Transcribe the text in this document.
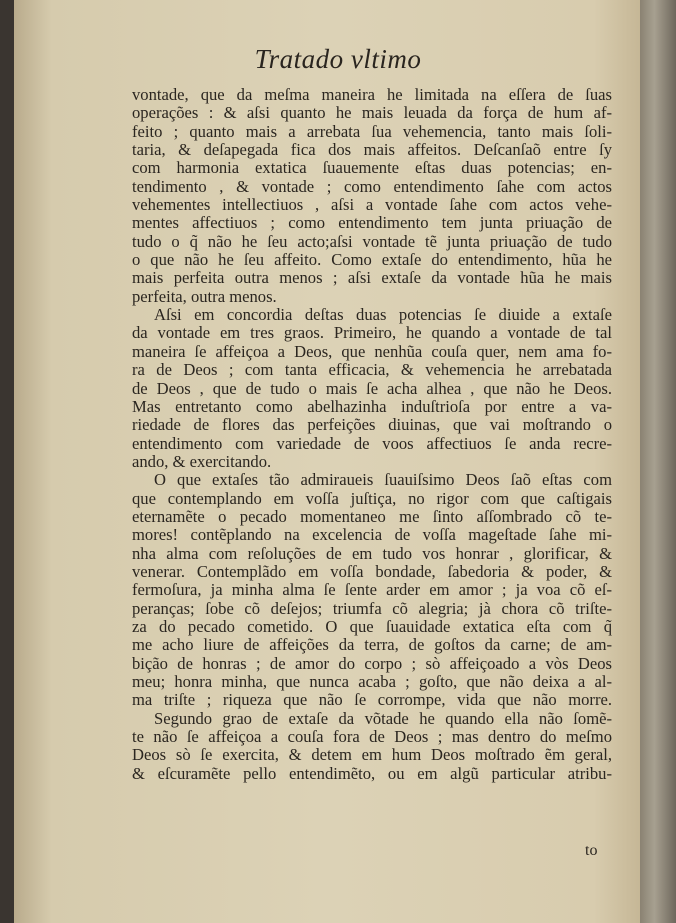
Tratado vltimo
vontade, que da meſma maneira he limitada na eſſera de ſuas
operações : & aſsi quanto he mais leuada da força de hum af-
feito ; quanto mais a arrebata ſua vehemencia, tanto mais ſoli-
taria, & deſapegada fica dos mais affeitos. Deſcanſaõ entre ſy
com harmonia extatica ſuauemente eſtas duas potencias; en-
tendimento , & vontade ; como entendimento ſahe com actos
vehementes intellectiuos , aſsi a vontade ſahe com actos vehe-
mentes affectiuos ; como entendimento tem junta priuação de
tudo o q̃ não he ſeu acto;aſsi vontade tẽ junta priuação de tudo
o que não he ſeu affeito. Como extaſe do entendimento, hũa he
mais perfeita outra menos ; aſsi extaſe da vontade hũa he mais
perfeita, outra menos.
Aſsi em concordia deſtas duas potencias ſe diuide a extaſe
da vontade em tres graos. Primeiro, he quando a vontade de tal
maneira ſe affeiçoa a Deos, que nenhũa couſa quer, nem ama fo-
ra de Deos ; com tanta efficacia, & vehemencia he arrebatada
de Deos , que de tudo o mais ſe acha alhea , que não he Deos.
Mas entretanto como abelhazinha induſtrioſa por entre a va-
riedade de flores das perfeições diuinas, que vai moſtrando o
entendimento com variedade de voos affectiuos ſe anda recre-
ando, & exercitando.
O que extaſes tão admiraueis ſuauiſsimo Deos ſaõ eſtas com
que contemplando em voſſa juſtiça, no rigor com que caſtigais
eternamẽte o pecado momentaneo me ſinto aſſombrado cõ te-
mores! contẽplando na excelencia de voſſa mageſtade ſahe mi-
nha alma com reſoluções de em tudo vos honrar , glorificar, &
venerar. Contemplãdo em voſſa bondade, ſabedoria & poder, &
fermoſura, ja minha alma ſe ſente arder em amor ; ja voa cõ eſ-
peranças; ſobe cõ deſejos; triumfa cõ alegria; jà chora cõ triſte-
za do pecado cometido. O que ſuauidade extatica eſta com q̃
me acho liure de affeições da terra, de goſtos da carne; de am-
bição de honras ; de amor do corpo ; sò affeiçoado a vòs Deos
meu; honra minha, que nunca acaba ; goſto, que não deixa a al-
ma triſte ; riqueza que não ſe corrompe, vida que não morre.
Segundo grao de extaſe da võtade he quando ella não ſomẽ-
te não ſe affeiçoa a couſa fora de Deos ; mas dentro do meſmo
Deos sò ſe exercita, & detem em hum Deos moſtrado ẽm geral,
& eſcuramẽte pello entendimẽto, ou em algũ particular atribu-
to
